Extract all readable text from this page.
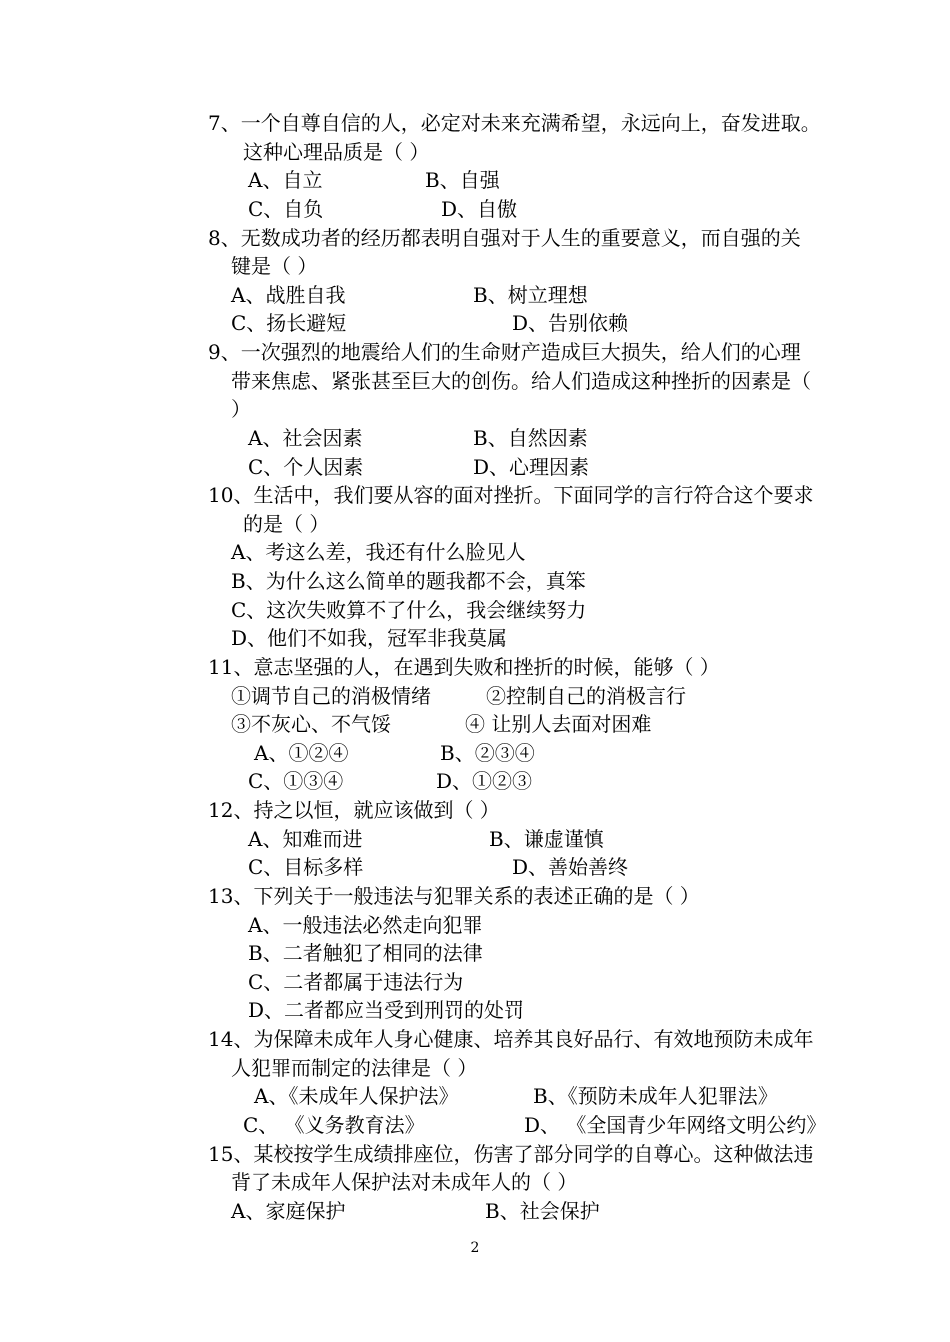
7、一个自尊自信的人，必定对未来充满希望，永远向上，奋发进取。
这种心理品质是（ ）
A、自立	B、自强
C、自负	D、自傲
8、无数成功者的经历都表明自强对于人生的重要意义，而自强的关
键是（ ）
A、战胜自我	B、树立理想
C、扬长避短	D、告别依赖
9、一次强烈的地震给人们的生命财产造成巨大损失，给人们的心理
带来焦虑、紧张甚至巨大的创伤。给人们造成这种挫折的因素是（
）
A、社会因素	B、自然因素
C、个人因素	D、心理因素
10、生活中，我们要从容的面对挫折。下面同学的言行符合这个要求
的是（ ）
A、考这么差，我还有什么脸见人
B、为什么这么简单的题我都不会，真笨
C、这次失败算不了什么，我会继续努力
D、他们不如我，冠军非我莫属
11、意志坚强的人，在遇到失败和挫折的时候，能够（ ）
①调节自己的消极情绪	②控制自己的消极言行
③不灰心、不气馁	④ 让别人去面对困难
A、①②④	B、②③④
C、①③④	D、①②③
12、持之以恒，就应该做到（ ）
A、知难而进	B、谦虚谨慎
C、目标多样	D、善始善终
13、下列关于一般违法与犯罪关系的表述正确的是（ ）
A、一般违法必然走向犯罪
B、二者触犯了相同的法律
C、二者都属于违法行为
D、二者都应当受到刑罚的处罚
14、为保障未成年人身心健康、培养其良好品行、有效地预防未成年
人犯罪而制定的法律是（ ）
A、《未成年人保护法》	B、《预防未成年人犯罪法》
C、 《义务教育法》	D、 《全国青少年网络文明公约》
15、某校按学生成绩排座位，伤害了部分同学的自尊心。这种做法违
背了未成年人保护法对未成年人的（ ）
A、家庭保护	B、社会保护
2
